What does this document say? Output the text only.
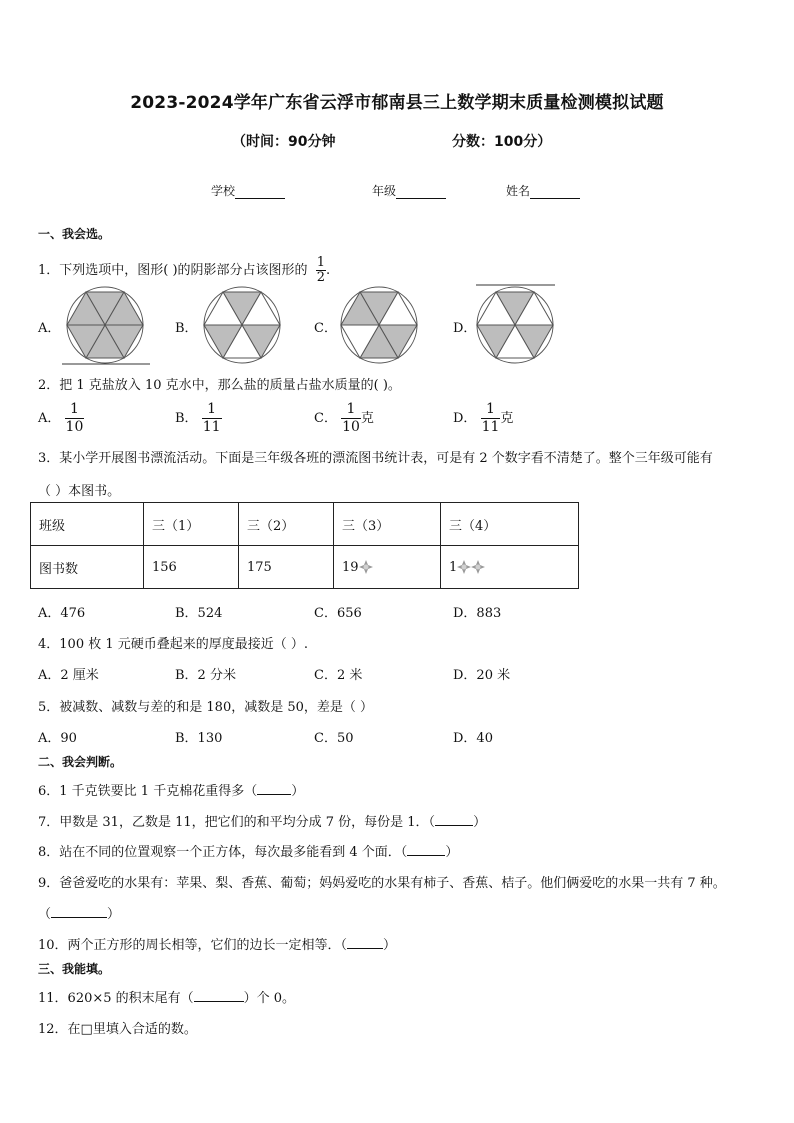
2023-2024学年广东省云浮市郁南县三上数学期末质量检测模拟试题
（时间：90分钟	分数：100分）
学校	年级	姓名
一、我会选。
1．下列选项中，图形( )的阴影部分占该图形的 $\frac{1}{2}$ .
A．	B．	C．	D．
2．把 1 克盐放入 10 克水中，那么盐的质量占盐水质量的( )。
A． $\frac{1}{10}$	B． $\frac{1}{11}$	C． $\frac{1}{10}$ 克	D． $\frac{1}{11}$ 克
3．某小学开展图书漂流活动。下面是三年级各班的漂流图书统计表，可是有 2 个数字看不清楚了。整个三年级可能有
（ ）本图书。
班级	三（1）	三（2）	三（3）	三（4）
图书数	156	175	19	1
A．476	B．524	C．656	D．883
4．100 枚 1 元硬币叠起来的厚度最接近（ ）.
A．2 厘米	B．2 分米	C．2 米	D．20 米
5．被减数、减数与差的和是 180，减数是 50，差是（ ）
A．90	B．130	C．50	D．40
二、我会判断。
6．1 千克铁要比 1 千克棉花重得多（	）
7．甲数是 31，乙数是 11，把它们的和平均分成 7 份，每份是 1．（	）
8．站在不同的位置观察一个正方体，每次最多能看到 4 个面．（	）
9．爸爸爱吃的水果有：苹果、梨、香蕉、葡萄；妈妈爱吃的水果有柿子、香蕉、桔子。他们俩爱吃的水果一共有 7 种。
（	）
10．两个正方形的周长相等，它们的边长一定相等．（	）
三、我能填。
11．620×5 的积末尾有（	）个 0。
12．在□里填入合适的数。
